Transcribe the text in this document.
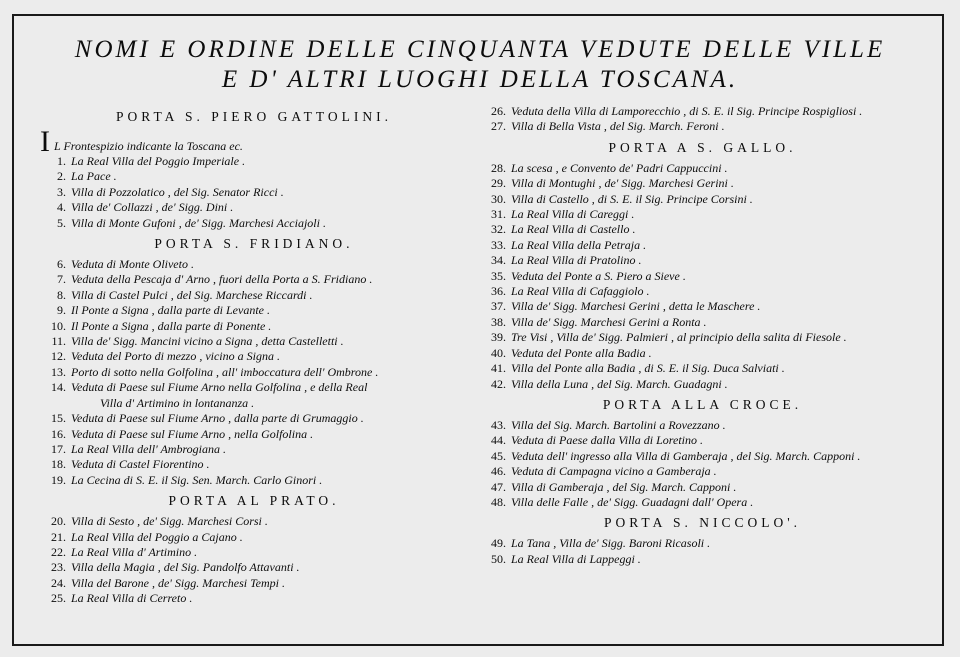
NOMI E ORDINE DELLE CINQUANTA VEDUTE DELLE VILLE
E D' ALTRI LUOGHI DELLA TOSCANA.
PORTA S. PIERO GATTOLINI.
I L Frontespizio indicante la Toscana ec.
1. La Real Villa del Poggio Imperiale .
2. La Pace .
3. Villa di Pozzolatico , del Sig. Senator Ricci .
4. Villa de' Collazzi , de' Sigg. Dini .
5. Villa di Monte Gufoni , de' Sigg. Marchesi Acciajoli .
PORTA S. FRIDIANO.
6. Veduta di Monte Oliveto .
7. Veduta della Pescaja d' Arno , fuori della Porta a S. Fridiano .
8. Villa di Castel Pulci , del Sig. Marchese Riccardi .
9. Il Ponte a Signa , dalla parte di Levante .
10. Il Ponte a Signa , dalla parte di Ponente .
11. Villa de' Sigg. Mancini vicino a Signa , detta Castelletti .
12. Veduta del Porto di mezzo , vicino a Signa .
13. Porto di sotto nella Golfolina , all' imboccatura dell' Ombrone .
14. Veduta di Paese sul Fiume Arno nella Golfolina , e della Real
Villa d' Artimino in lontananza .
15. Veduta di Paese sul Fiume Arno , dalla parte di Grumaggio .
16. Veduta di Paese sul Fiume Arno , nella Golfolina .
17. La Real Villa dell' Ambrogiana .
18. Veduta di Castel Fiorentino .
19. La Cecina di S. E. il Sig. Sen. March. Carlo Ginori .
PORTA AL PRATO.
20. Villa di Sesto , de' Sigg. Marchesi Corsi .
21. La Real Villa del Poggio a Cajano .
22. La Real Villa d' Artimino .
23. Villa della Magia , del Sig. Pandolfo Attavanti .
24. Villa del Barone , de' Sigg. Marchesi Tempi .
25. La Real Villa di Cerreto .
26. Veduta della Villa di Lamporecchio , di S. E. il Sig. Principe Rospigliosi .
27. Villa di Bella Vista , del Sig. March. Feroni .
PORTA A S. GALLO.
28. La scesa , e Convento de' Padri Cappuccini .
29. Villa di Montughi , de' Sigg. Marchesi Gerini .
30. Villa di Castello , di S. E. il Sig. Principe Corsini .
31. La Real Villa di Careggi .
32. La Real Villa di Castello .
33. La Real Villa della Petraja .
34. La Real Villa di Pratolino .
35. Veduta del Ponte a S. Piero a Sieve .
36. La Real Villa di Cafaggiolo .
37. Villa de' Sigg. Marchesi Gerini , detta le Maschere .
38. Villa de' Sigg. Marchesi Gerini a Ronta .
39. Tre Visi , Villa de' Sigg. Palmieri , al principio della salita di Fiesole .
40. Veduta del Ponte alla Badia .
41. Villa del Ponte alla Badia , di S. E. il Sig. Duca Salviati .
42. Villa della Luna , del Sig. March. Guadagni .
PORTA ALLA CROCE.
43. Villa del Sig. March. Bartolini a Rovezzano .
44. Veduta di Paese dalla Villa di Loretino .
45. Veduta dell' ingresso alla Villa di Gamberaja , del Sig. March. Capponi .
46. Veduta di Campagna vicino a Gamberaja .
47. Villa di Gamberaja , del Sig. March. Capponi .
48. Villa delle Falle , de' Sigg. Guadagni dall' Opera .
PORTA S. NICCOLO'.
49. La Tana , Villa de' Sigg. Baroni Ricasoli .
50. La Real Villa di Lappeggi .
